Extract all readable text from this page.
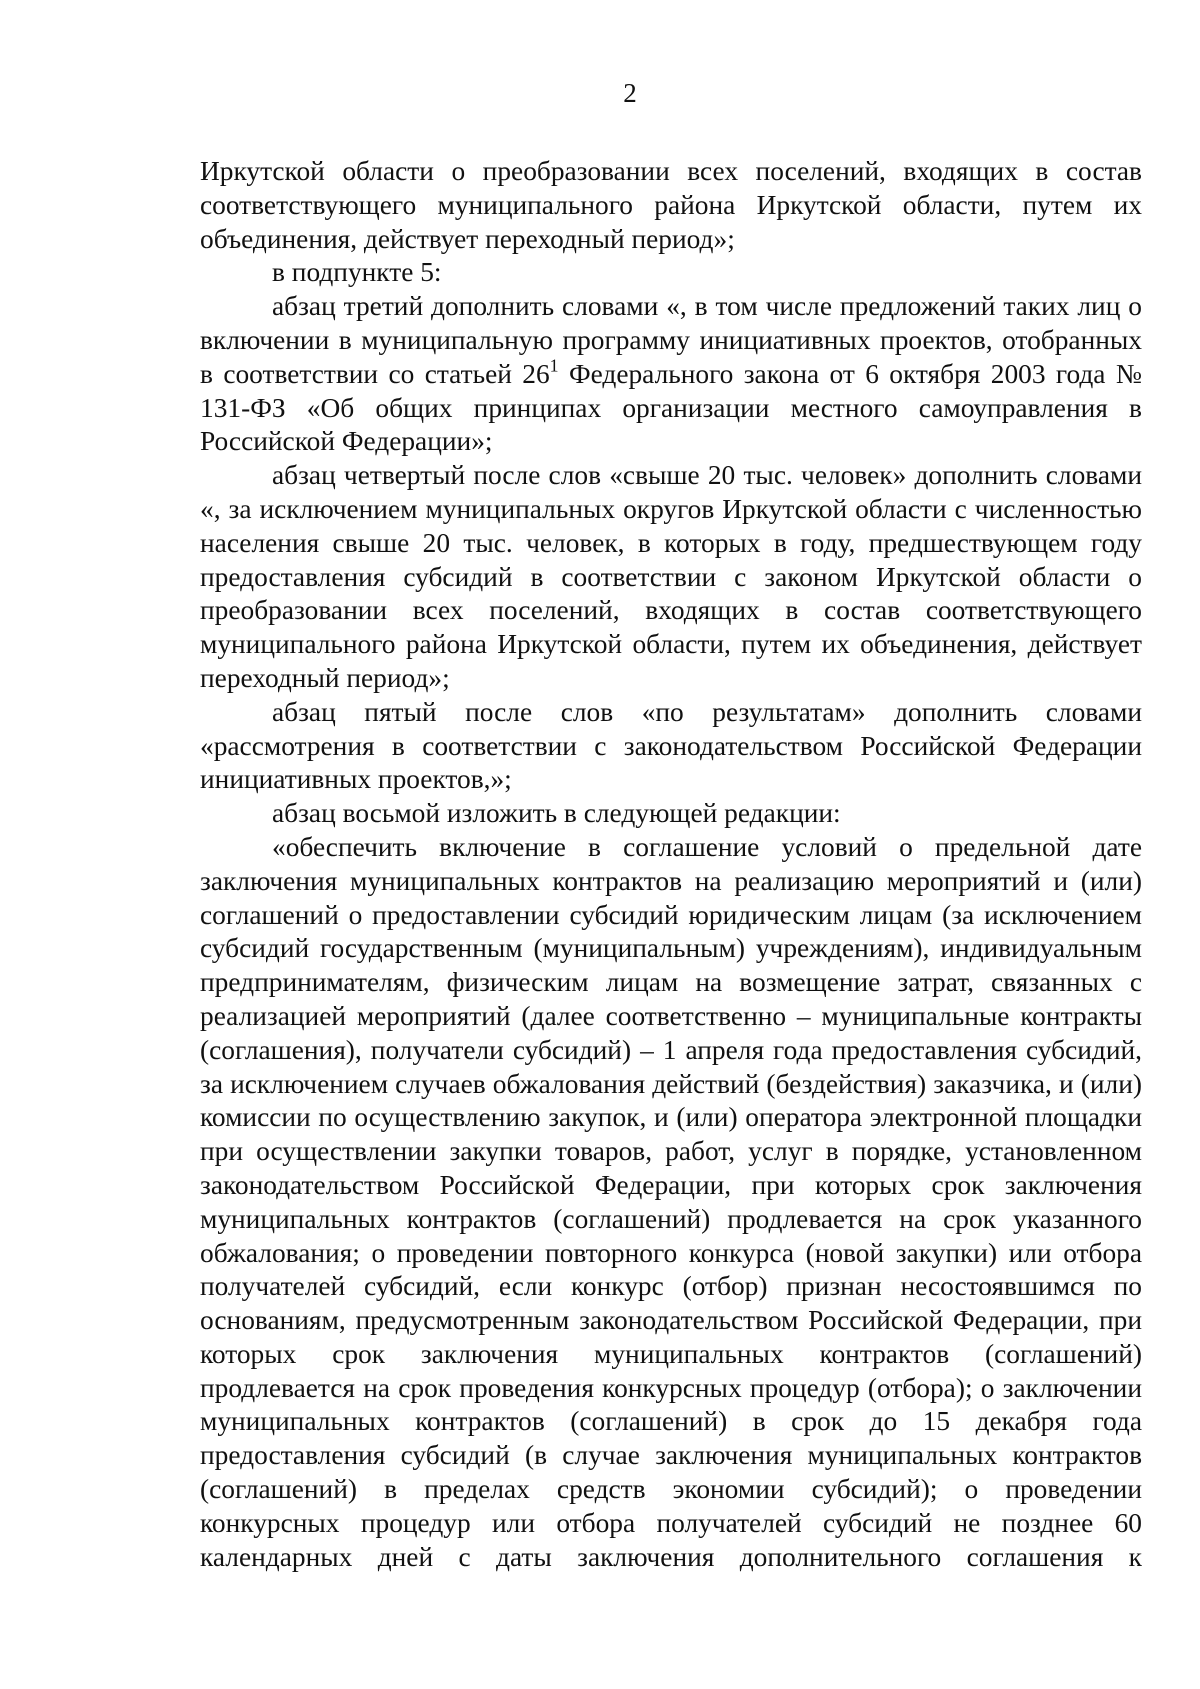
2

Иркутской области о преобразовании всех поселений, входящих в состав соответствующего муниципального района Иркутской области, путем их объединения, действует переходный период»;

в подпункте 5:

абзац третий дополнить словами «, в том числе предложений таких лиц о включении в муниципальную программу инициативных проектов, отобранных в соответствии со статьей $26^1$ Федерального закона от 6 октября 2003 года № 131-ФЗ «Об общих принципах организации местного самоуправления в Российской Федерации»;

абзац четвертый после слов «свыше 20 тыс. человек» дополнить словами «, за исключением муниципальных округов Иркутской области с численностью населения свыше 20 тыс. человек, в которых в году, предшествующем году предоставления субсидий в соответствии с законом Иркутской области о преобразовании всех поселений, входящих в состав соответствующего муниципального района Иркутской области, путем их объединения, действует переходный период»;

абзац пятый после слов «по результатам» дополнить словами «рассмотрения в соответствии с законодательством Российской Федерации инициативных проектов,»;

абзац восьмой изложить в следующей редакции:

«обеспечить включение в соглашение условий о предельной дате заключения муниципальных контрактов на реализацию мероприятий и (или) соглашений о предоставлении субсидий юридическим лицам (за исключением субсидий государственным (муниципальным) учреждениям), индивидуальным предпринимателям, физическим лицам на возмещение затрат, связанных с реализацией мероприятий (далее соответственно – муниципальные контракты (соглашения), получатели субсидий) – 1 апреля года предоставления субсидий, за исключением случаев обжалования действий (бездействия) заказчика, и (или) комиссии по осуществлению закупок, и (или) оператора электронной площадки при осуществлении закупки товаров, работ, услуг в порядке, установленном законодательством Российской Федерации, при которых срок заключения муниципальных контрактов (соглашений) продлевается на срок указанного обжалования; о проведении повторного конкурса (новой закупки) или отбора получателей субсидий, если конкурс (отбор) признан несостоявшимся по основаниям, предусмотренным законодательством Российской Федерации, при которых срок заключения муниципальных контрактов (соглашений) продлевается на срок проведения конкурсных процедур (отбора); о заключении муниципальных контрактов (соглашений) в срок до 15 декабря года предоставления субсидий (в случае заключения муниципальных контрактов (соглашений) в пределах средств экономии субсидий); о проведении конкурсных процедур или отбора получателей субсидий не позднее 60 календарных дней с даты заключения дополнительного соглашения к
